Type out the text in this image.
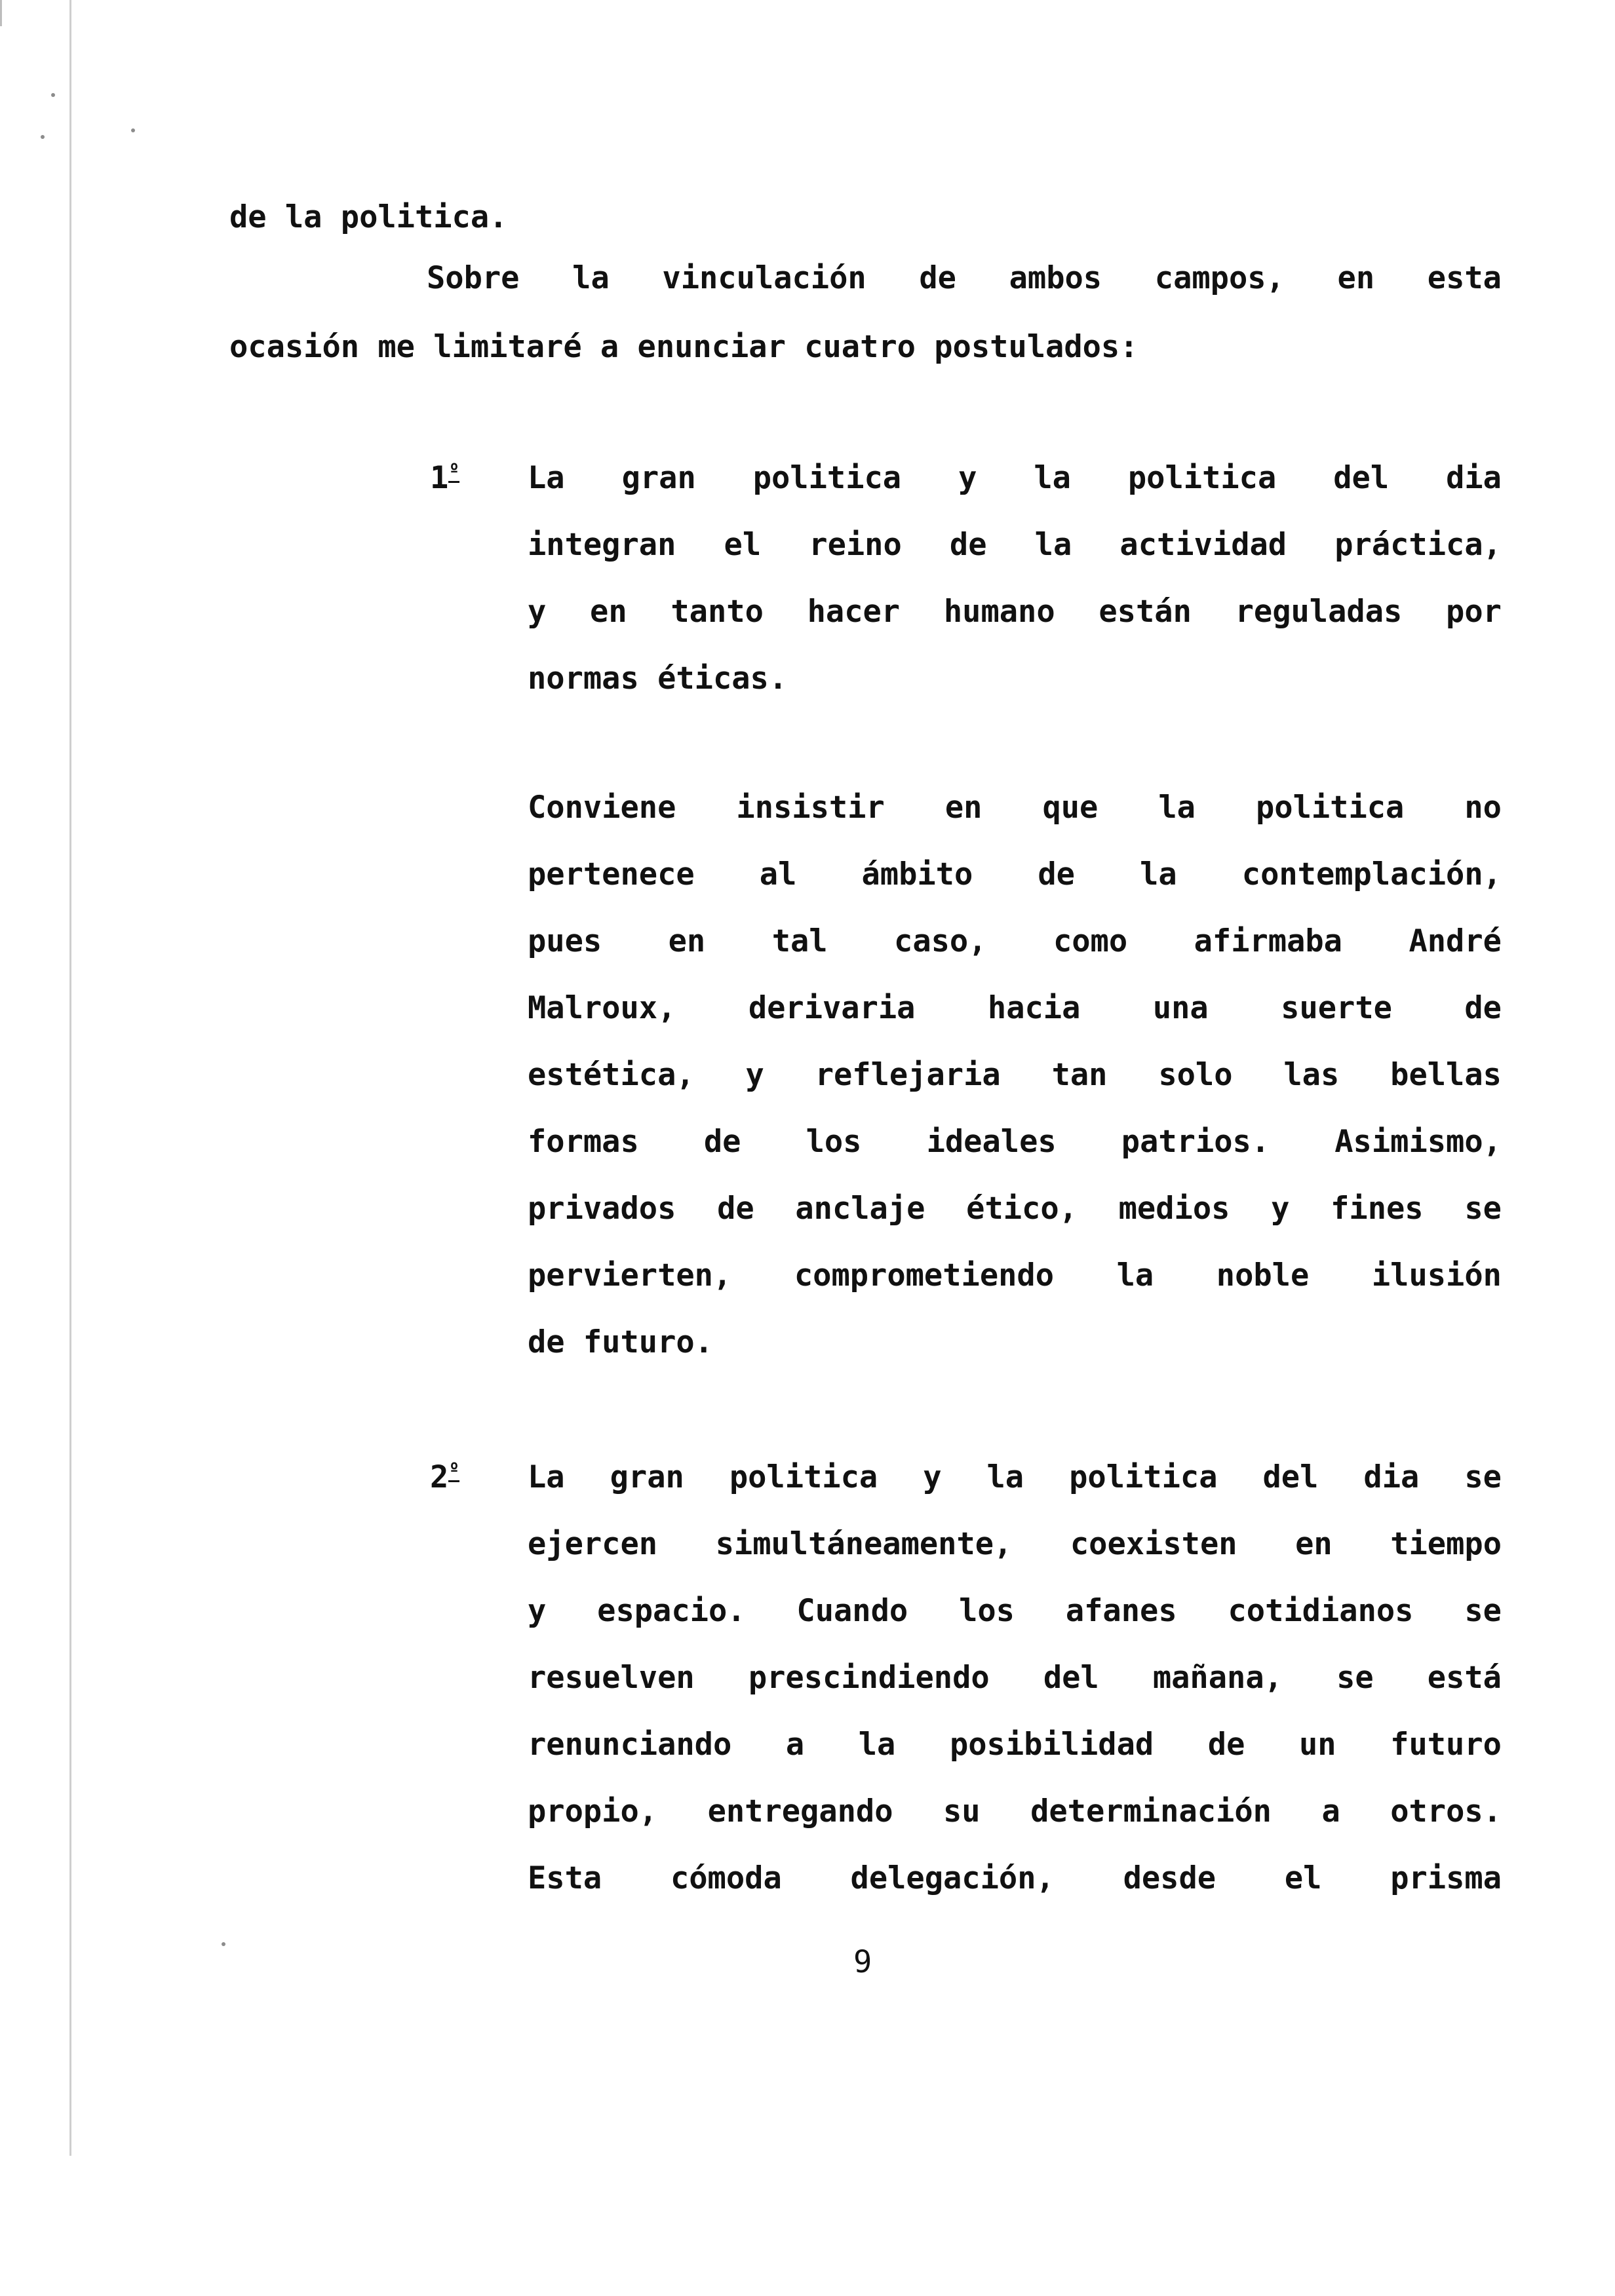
de la politica.
Sobre la vinculación de ambos campos, en esta
ocasión me limitaré a enunciar cuatro postulados:
$1^º$ La gran politica y la politica del dia
integran el reino de la actividad práctica,
y en tanto hacer humano están reguladas por
normas éticas.
Conviene insistir en que la politica no
pertenece al ámbito de la contemplación,
pues en tal caso, como afirmaba André
Malroux, derivaria hacia una suerte de
estética, y reflejaria tan solo las bellas
formas de los ideales patrios. Asimismo,
privados de anclaje ético, medios y fines se
pervierten, comprometiendo la noble ilusión
de futuro.
$2^º$ La gran politica y la politica del dia se
ejercen simultáneamente, coexisten en tiempo
y espacio. Cuando los afanes cotidianos se
resuelven prescindiendo del mañana, se está
renunciando a la posibilidad de un futuro
propio, entregando su determinación a otros.
Esta cómoda delegación, desde el prisma
9
